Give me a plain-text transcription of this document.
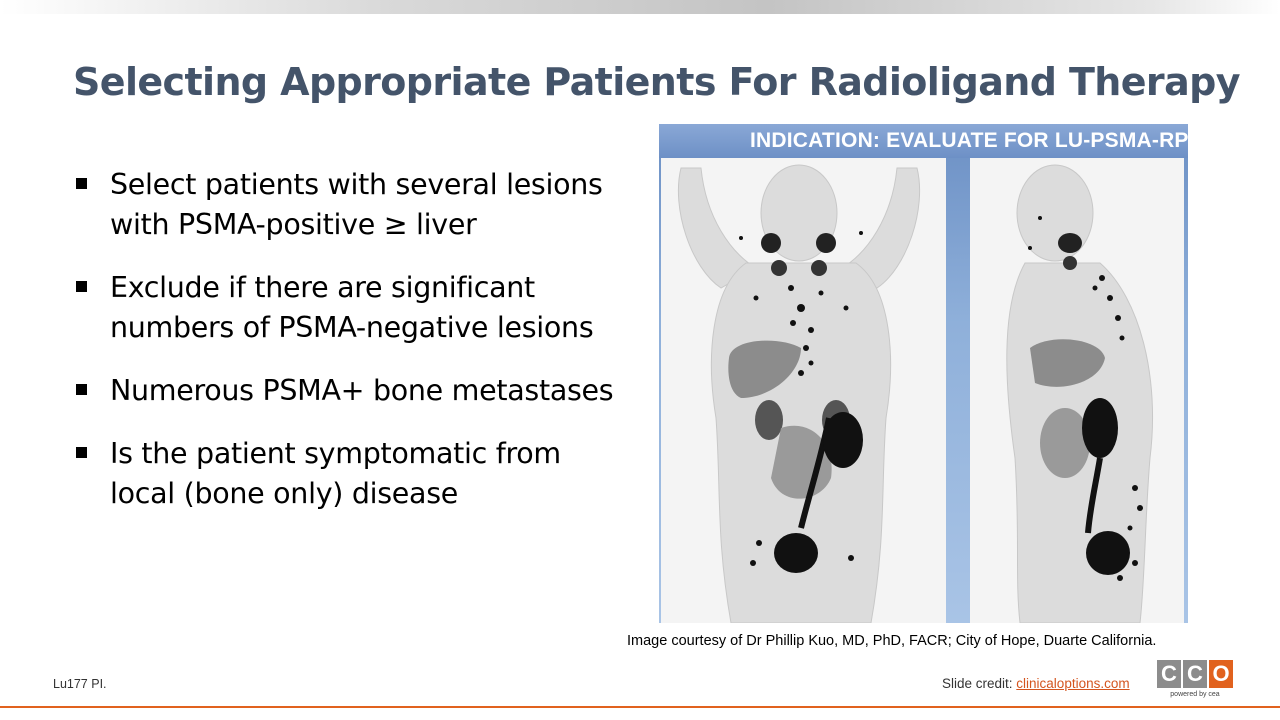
Selecting Appropriate Patients For Radioligand Therapy
Select patients with several lesions with PSMA-positive ≥ liver
Exclude if there are significant numbers of PSMA-negative lesions
Numerous PSMA+ bone metastases
Is the patient symptomatic from local (bone only) disease
INDICATION: EVALUATE FOR LU-PSMA-RPT
Image courtesy of Dr Phillip Kuo, MD, PhD, FACR; City of Hope, Duarte California.
Lu177 PI.	Slide credit: clinicaloptions.com C C O
powered by cea
